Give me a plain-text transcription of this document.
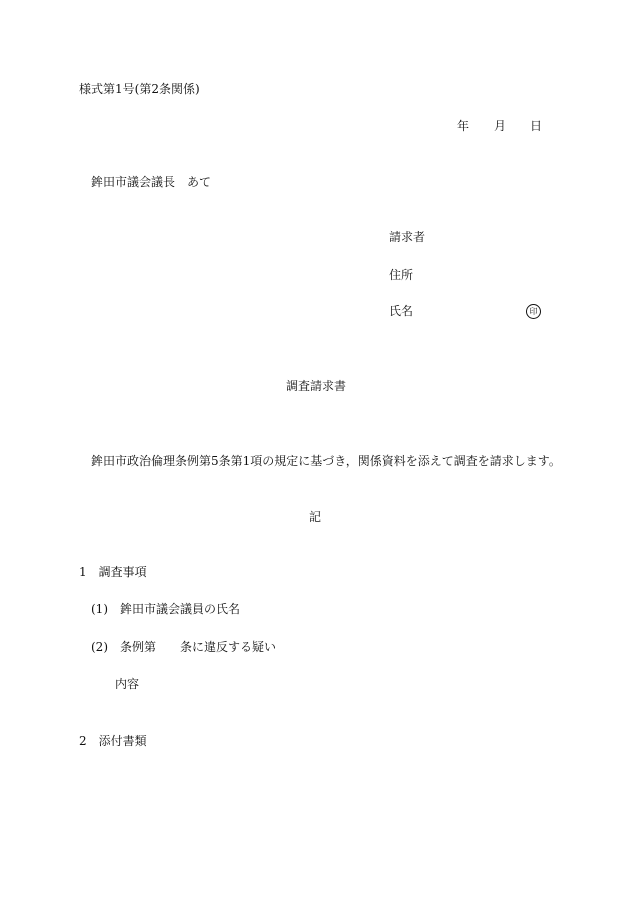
様式第1号(第2条関係)
年 月 日
鉾田市議会議長　あて
請求者
住所
氏名	印
調査請求書
鉾田市政治倫理条例第5条第1項の規定に基づき，関係資料を添えて調査を請求します。
記
1　調査事項
(1)　鉾田市議会議員の氏名
(2)　条例第　　条に違反する疑い
内容
2　添付書類
